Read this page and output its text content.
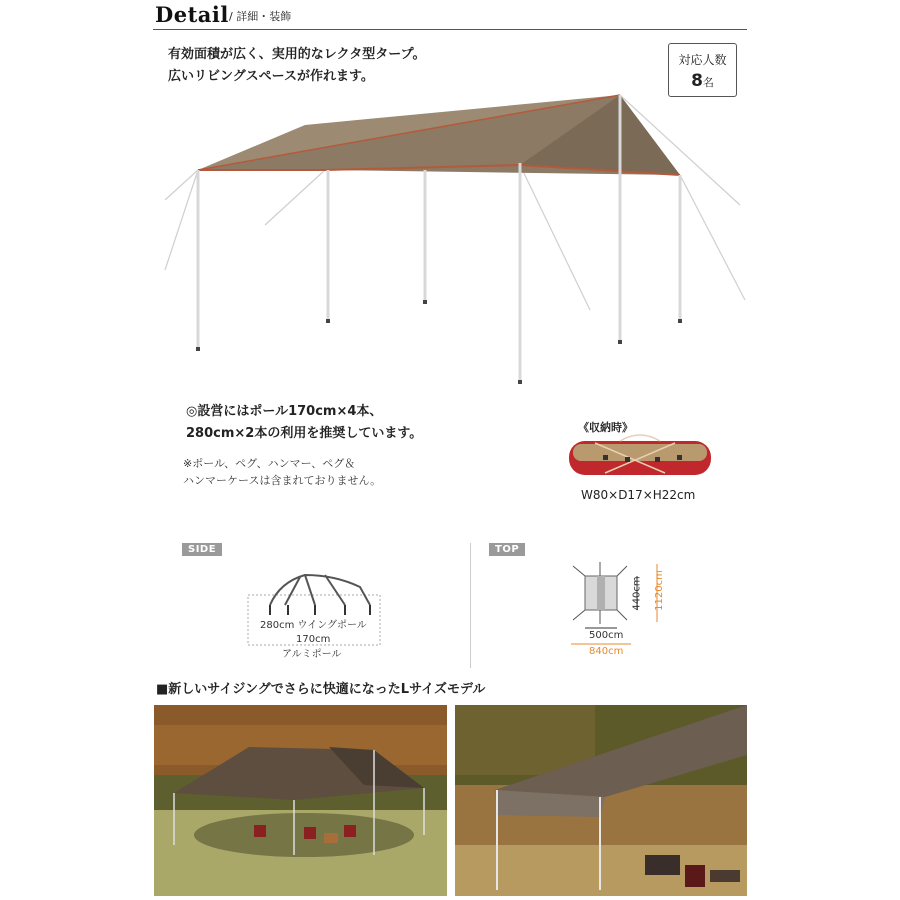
Detail / 詳細・装飾
有効面積が広く、実用的なレクタ型タープ。
広いリビングスペースが作れます。
対応人数
8名
◎設営にはポール170cm×4本、
280cm×2本の利用を推奨しています。
※ポール、ペグ、ハンマー、ペグ＆
ハンマーケースは含まれておりません。
《収納時》
W80×D17×H22cm
SIDE
280cm ウイングポール
170cm
アルミポール
TOP
500cm
840cm
440cm 1120cm
■新しいサイジングでさらに快適になったLサイズモデル
